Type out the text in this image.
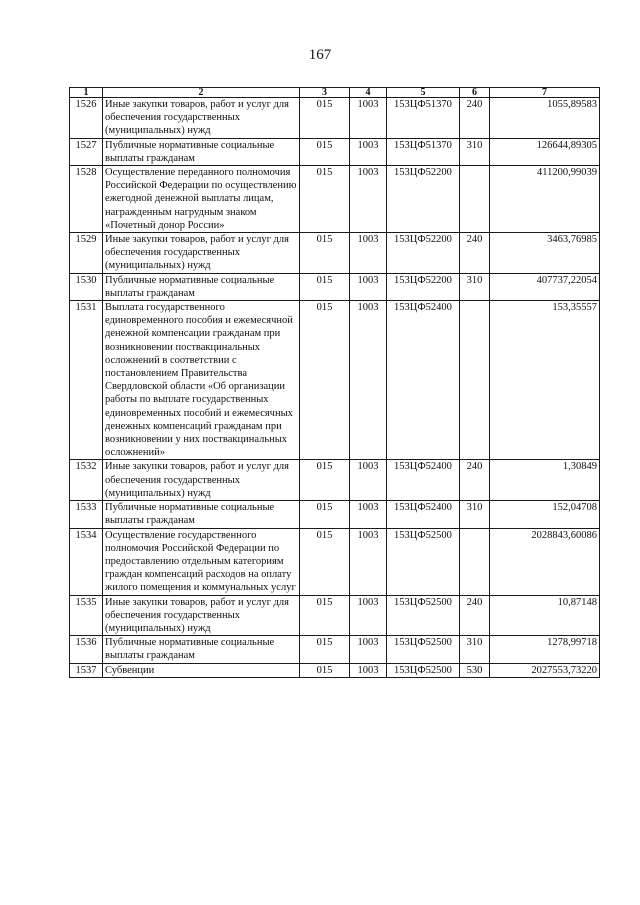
167
1	2	3	4	5	6	7
1526	Иные закупки товаров, работ и услуг для обеспечения государственных (муниципальных) нужд	015	1003	153ЦФ51370	240	1055,89583
1527	Публичные нормативные социальные выплаты гражданам	015	1003	153ЦФ51370	310	126644,89305
1528	Осуществление переданного полномочия Российской Федерации по осуществлению ежегодной денежной выплаты лицам, награжденным нагрудным знаком «Почетный донор России»	015	1003	153ЦФ52200		411200,99039
1529	Иные закупки товаров, работ и услуг для обеспечения государственных (муниципальных) нужд	015	1003	153ЦФ52200	240	3463,76985
1530	Публичные нормативные социальные выплаты гражданам	015	1003	153ЦФ52200	310	407737,22054
1531	Выплата государственного единовременного пособия и ежемесячной денежной компенсации гражданам при возникновении поствакцинальных осложнений в соответствии с постановлением Правительства Свердловской области «Об организации работы по выплате государственных единовременных пособий и ежемесячных денежных компенсаций гражданам при возникновении у них поствакцинальных осложнений»	015	1003	153ЦФ52400		153,35557
1532	Иные закупки товаров, работ и услуг для обеспечения государственных (муниципальных) нужд	015	1003	153ЦФ52400	240	1,30849
1533	Публичные нормативные социальные выплаты гражданам	015	1003	153ЦФ52400	310	152,04708
1534	Осуществление государственного полномочия Российской Федерации по предоставлению отдельным категориям граждан компенсаций расходов на оплату жилого помещения и коммунальных услуг	015	1003	153ЦФ52500		2028843,60086
1535	Иные закупки товаров, работ и услуг для обеспечения государственных (муниципальных) нужд	015	1003	153ЦФ52500	240	10,87148
1536	Публичные нормативные социальные выплаты гражданам	015	1003	153ЦФ52500	310	1278,99718
1537	Субвенции	015	1003	153ЦФ52500	530	2027553,73220
